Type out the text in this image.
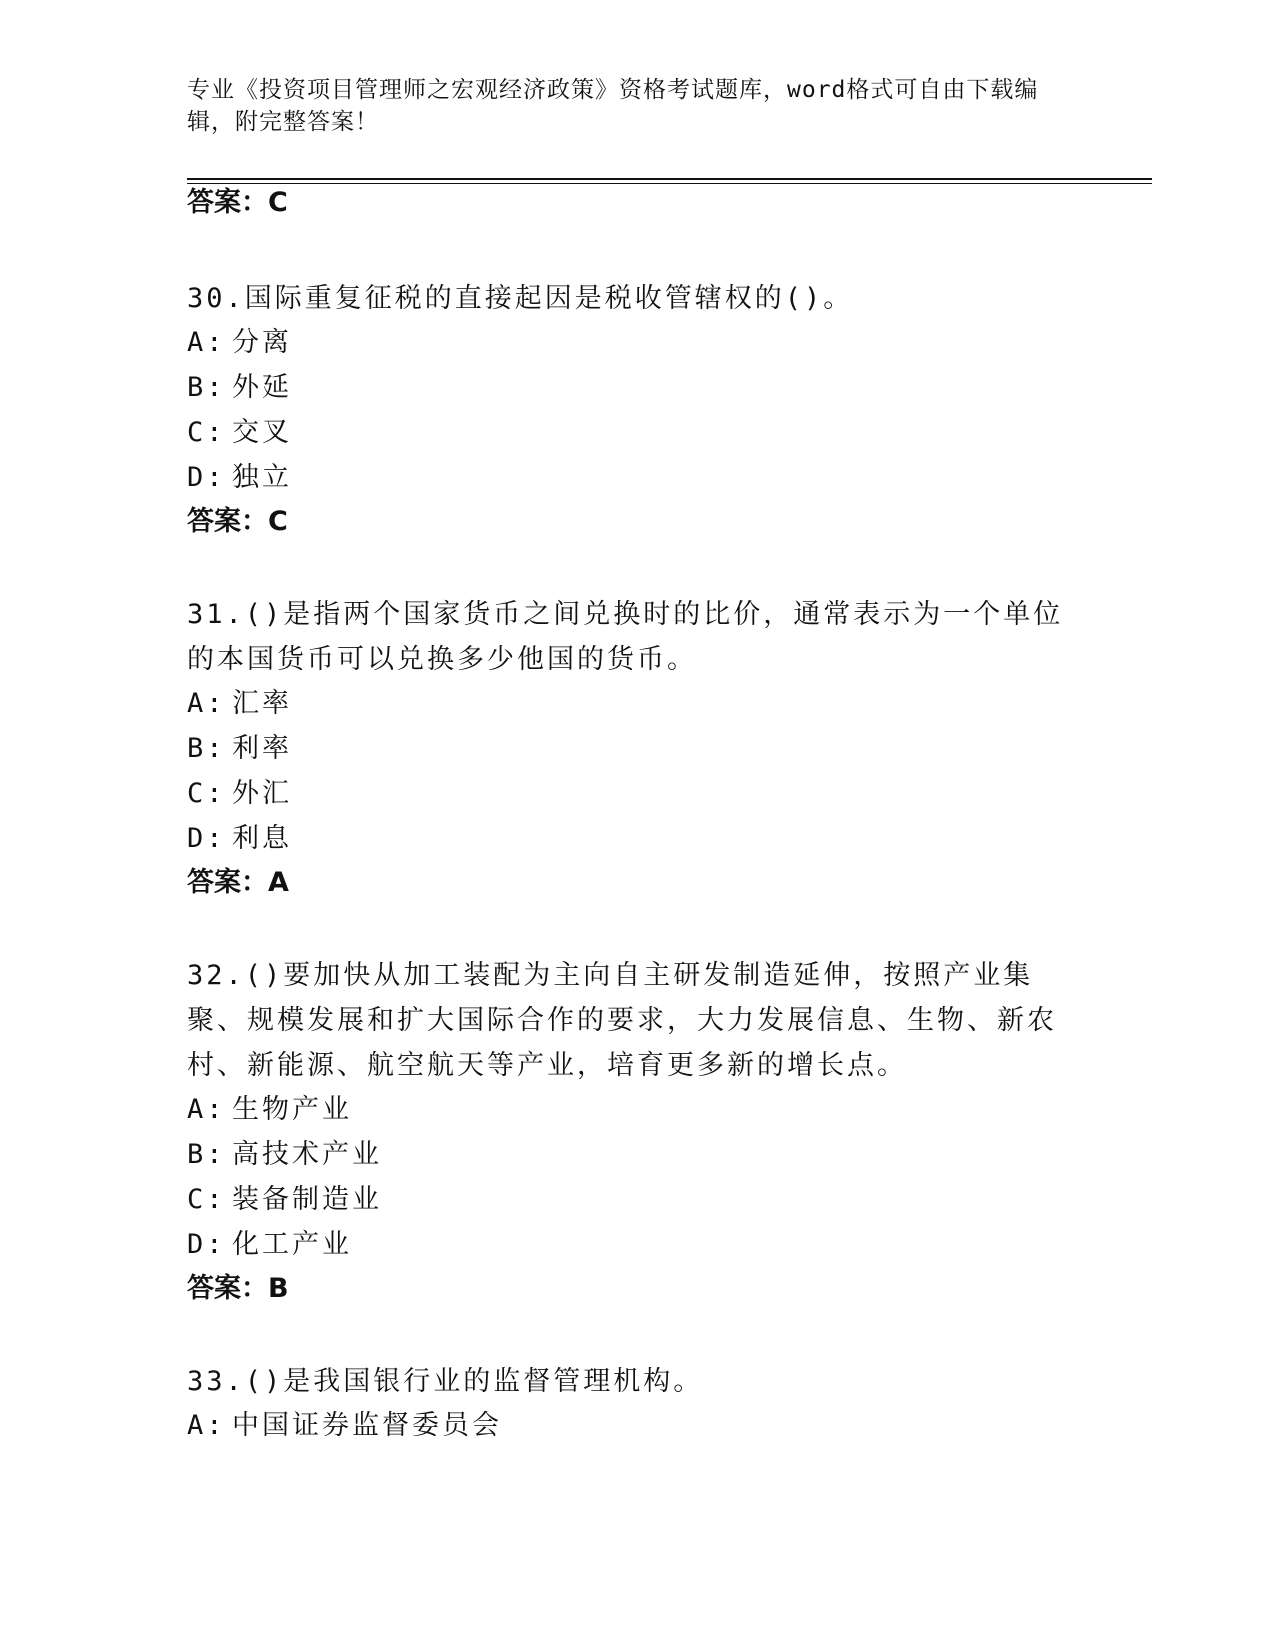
专业《投资项目管理师之宏观经济政策》资格考试题库，word格式可自由下载编辑，附完整答案！
答案：C
30.国际重复征税的直接起因是税收管辖权的()。
A: 分离
B: 外延
C: 交叉
D: 独立
答案：C
31.()是指两个国家货币之间兑换时的比价，通常表示为一个单位的本国货币可以兑换多少他国的货币。
A: 汇率
B: 利率
C: 外汇
D: 利息
答案：A
32.()要加快从加工装配为主向自主研发制造延伸，按照产业集聚、规模发展和扩大国际合作的要求，大力发展信息、生物、新农村、新能源、航空航天等产业，培育更多新的增长点。
A: 生物产业
B: 高技术产业
C: 装备制造业
D: 化工产业
答案：B
33.()是我国银行业的监督管理机构。
A: 中国证券监督委员会
